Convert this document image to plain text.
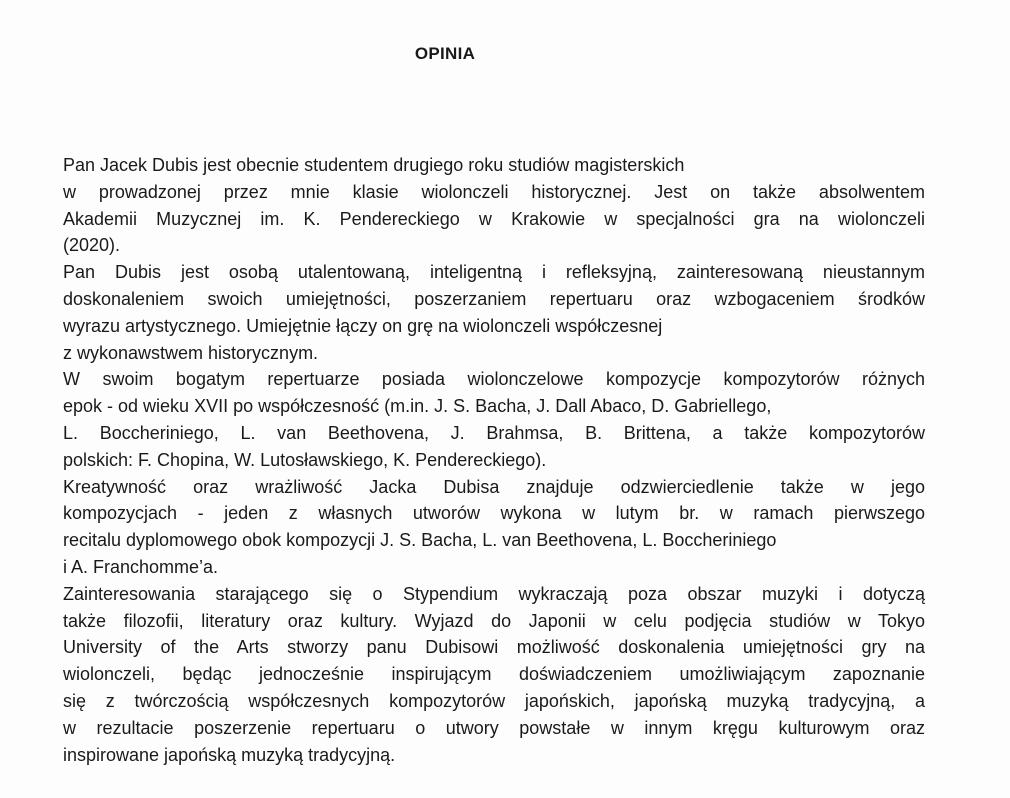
OPINIA
Pan Jacek Dubis jest obecnie studentem drugiego roku studiów magisterskich
w prowadzonej przez mnie klasie wiolonczeli historycznej. Jest on także absolwentem
Akademii Muzycznej im. K. Pendereckiego w Krakowie w specjalności gra na wiolonczeli
(2020).
Pan Dubis jest osobą utalentowaną, inteligentną i refleksyjną, zainteresowaną nieustannym
doskonaleniem swoich umiejętności, poszerzaniem repertuaru oraz wzbogaceniem środków
wyrazu artystycznego. Umiejętnie łączy on grę na wiolonczeli współczesnej
z wykonawstwem historycznym.
W swoim bogatym repertuarze posiada wiolonczelowe kompozycje kompozytorów różnych
epok - od wieku XVII po współczesność (m.in. J. S. Bacha, J. Dall Abaco, D. Gabriellego,
L. Boccheriniego, L. van Beethovena, J. Brahmsa, B. Brittena, a także kompozytorów
polskich: F. Chopina, W. Lutosławskiego, K. Pendereckiego).
Kreatywność oraz wrażliwość Jacka Dubisa znajduje odzwierciedlenie także w jego
kompozycjach - jeden z własnych utworów wykona w lutym br. w ramach pierwszego
recitalu dyplomowego obok kompozycji J. S. Bacha, L. van Beethovena, L. Boccheriniego
i A. Franchomme’a.
Zainteresowania starającego się o Stypendium wykraczają poza obszar muzyki i dotyczą
także filozofii, literatury oraz kultury. Wyjazd do Japonii w celu podjęcia studiów w Tokyo
University of the Arts stworzy panu Dubisowi możliwość doskonalenia umiejętności gry na
wiolonczeli, będąc jednocześnie inspirującym doświadczeniem umożliwiającym zapoznanie
się z twórczością współczesnych kompozytorów japońskich, japońską muzyką tradycyjną, a
w rezultacie poszerzenie repertuaru o utwory powstałe w innym kręgu kulturowym oraz
inspirowane japońską muzyką tradycyjną.
